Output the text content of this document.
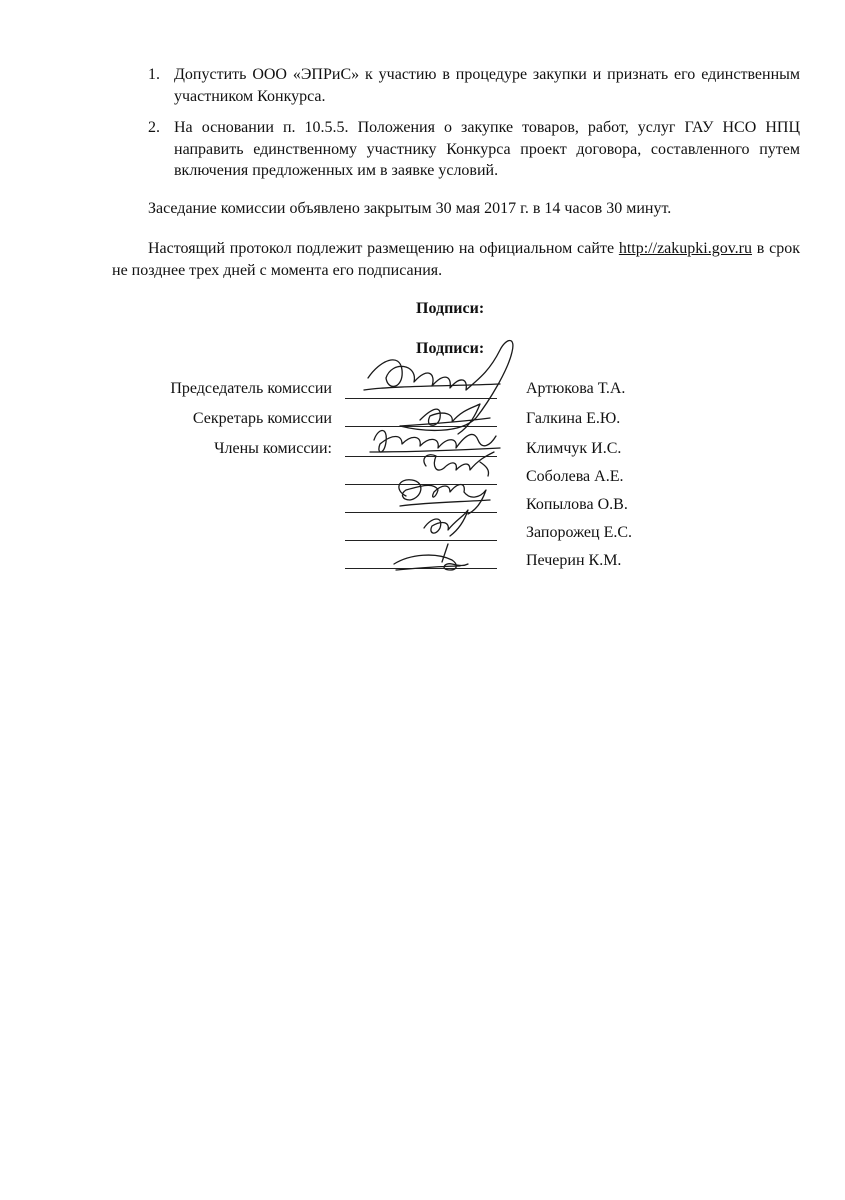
1. Допустить ООО «ЭПРиС» к участию в процедуре закупки и признать его единственным участником Конкурса.
2. На основании п. 10.5.5. Положения о закупке товаров, работ, услуг ГАУ НСО НПЦ направить единственному участнику Конкурса проект договора, составленного путем включения предложенных им в заявке условий.

Заседание комиссии объявлено закрытым 30 мая 2017 г. в 14 часов 30 минут.

Настоящий протокол подлежит размещению на официальном сайте http://zakupki.gov.ru в срок не позднее трех дней с момента его подписания.

Подписи:
Подписи:
Председатель комиссии	Артюкова Т.А.
Секретарь комиссии	Галкина Е.Ю.
Члены комиссии:	Климчук И.С.
Соболева А.Е.
Копылова О.В.
Запорожец Е.С.
Печерин К.М.
